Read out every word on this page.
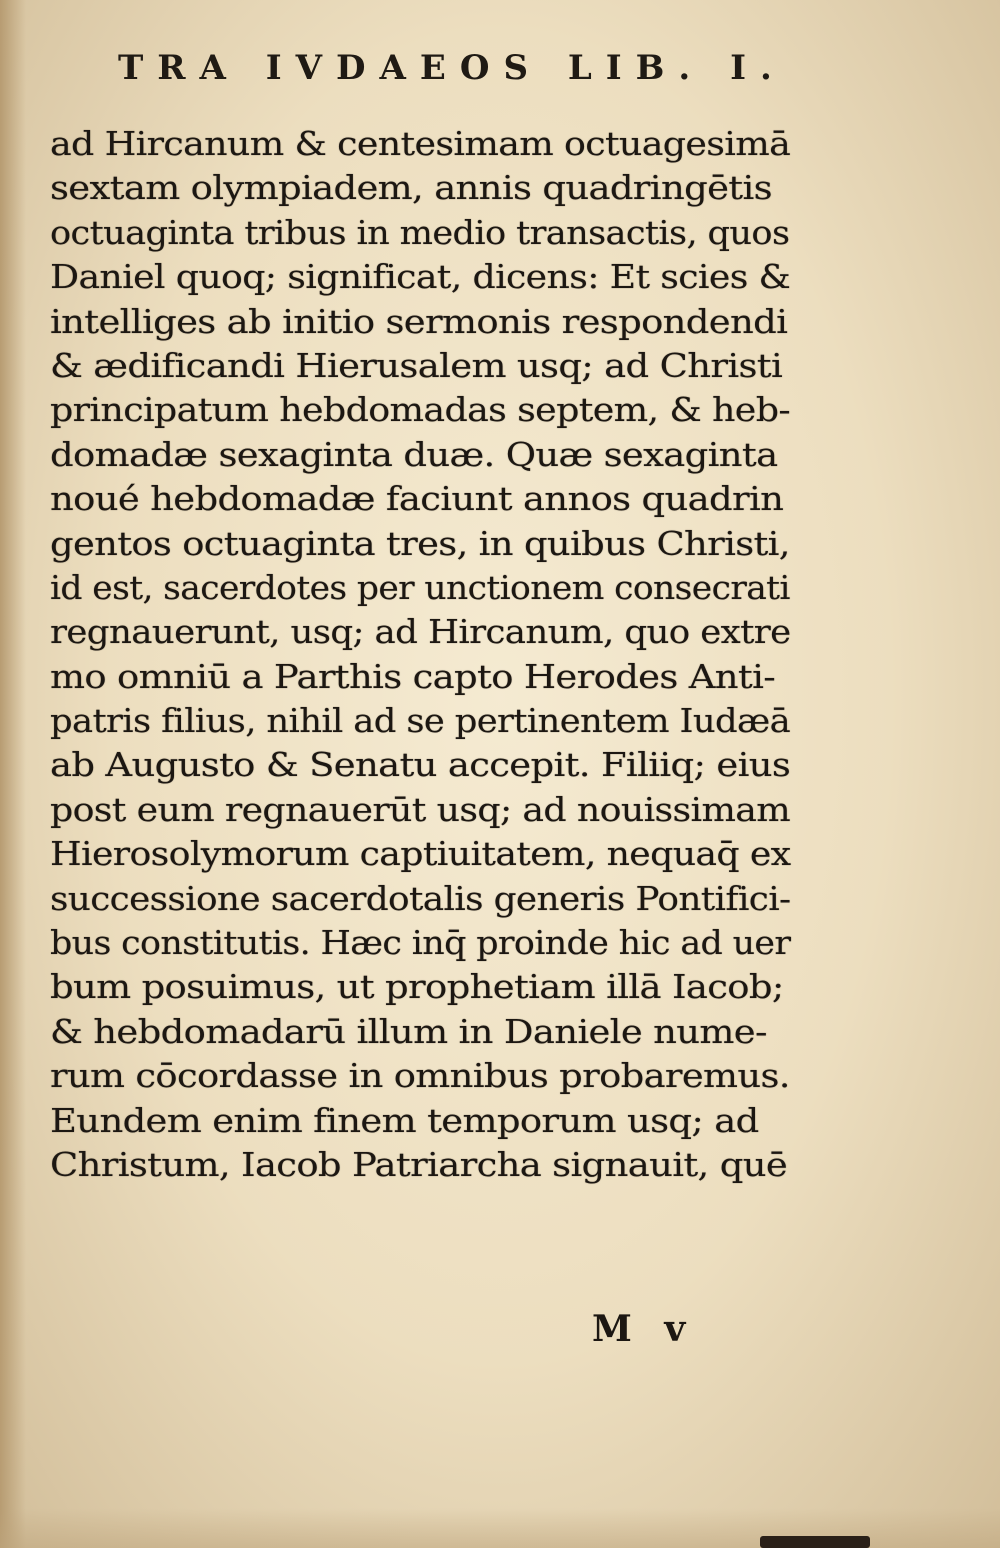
TRA IVDAEOS LIB. I.
ad Hircanum & centesimam octuagesimā
sextam olympiadem, annis quadringētis
octuaginta tribus in medio transactis, quos
Daniel quoq; significat, dicens: Et scies &
intelliges ab initio sermonis respondendi
& ædificandi Hierusalem usq; ad Christi
principatum hebdomadas septem, & heb-
domadæ sexaginta duæ. Quæ sexaginta
noué hebdomadæ faciunt annos quadrin
gentos octuaginta tres, in quibus Christi,
id est, sacerdotes per unctionem consecrati
regnauerunt, usq; ad Hircanum, quo extre
mo omniū a Parthis capto Herodes Anti-
patris filius, nihil ad se pertinentem Iudæā
ab Augusto & Senatu accepit. Filiiq; eius
post eum regnauerūt usq; ad nouissimam
Hierosolymorum captiuitatem, nequaq̄ ex
successione sacerdotalis generis Pontifici-
bus constitutis. Hæc inq̄ proinde hic ad uer
bum posuimus, ut prophetiam illā Iacob;
& hebdomadarū illum in Daniele nume-
rum cōcordasse in omnibus probaremus.
Eundem enim finem temporum usq; ad
Christum, Iacob Patriarcha signauit, quē
M v
